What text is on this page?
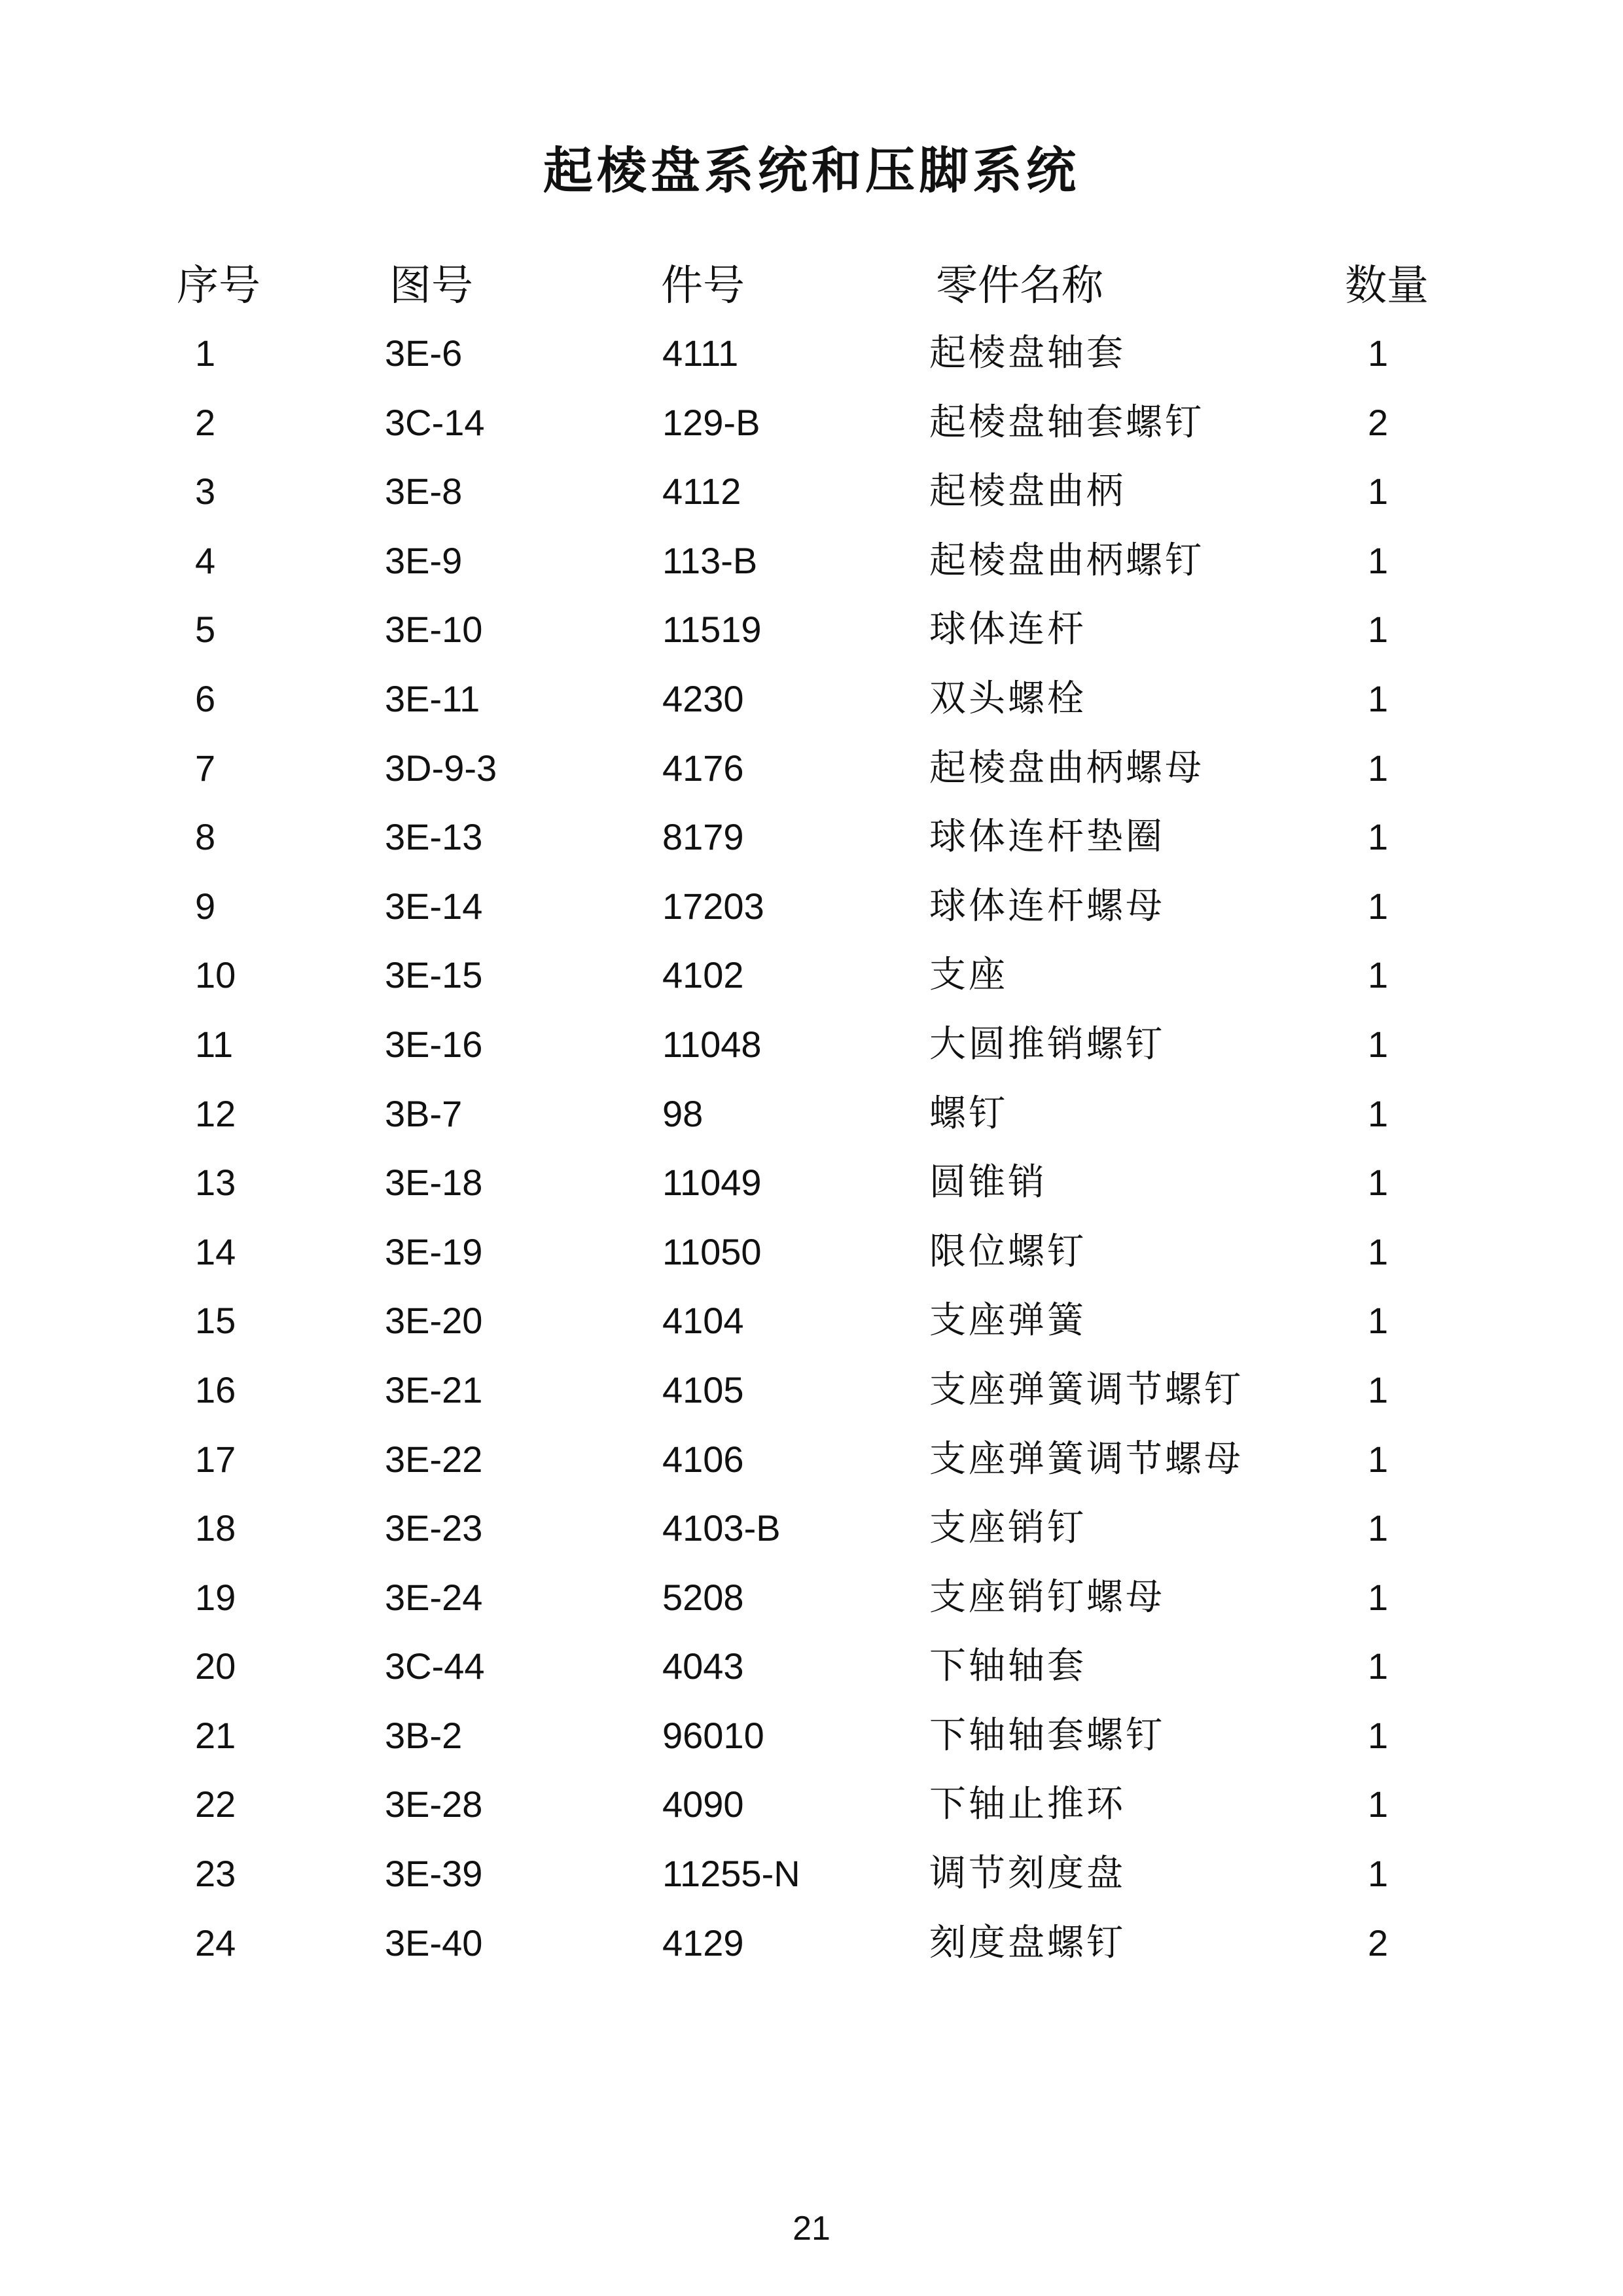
起棱盘系统和压脚系统
序号	图号	件号	零件名称	数量
1	3E-6	4111	起棱盘轴套	1
2	3C-14	129-B	起棱盘轴套螺钉	2
3	3E-8	4112	起棱盘曲柄	1
4	3E-9	113-B	起棱盘曲柄螺钉	1
5	3E-10	11519	球体连杆	1
6	3E-11	4230	双头螺栓	1
7	3D-9-3	4176	起棱盘曲柄螺母	1
8	3E-13	8179	球体连杆垫圈	1
9	3E-14	17203	球体连杆螺母	1
10	3E-15	4102	支座	1
11	3E-16	11048	大圆推销螺钉	1
12	3B-7	98	螺钉	1
13	3E-18	11049	圆锥销	1
14	3E-19	11050	限位螺钉	1
15	3E-20	4104	支座弹簧	1
16	3E-21	4105	支座弹簧调节螺钉	1
17	3E-22	4106	支座弹簧调节螺母	1
18	3E-23	4103-B	支座销钉	1
19	3E-24	5208	支座销钉螺母	1
20	3C-44	4043	下轴轴套	1
21	3B-2	96010	下轴轴套螺钉	1
22	3E-28	4090	下轴止推环	1
23	3E-39	11255-N	调节刻度盘	1
24	3E-40	4129	刻度盘螺钉	2
21
